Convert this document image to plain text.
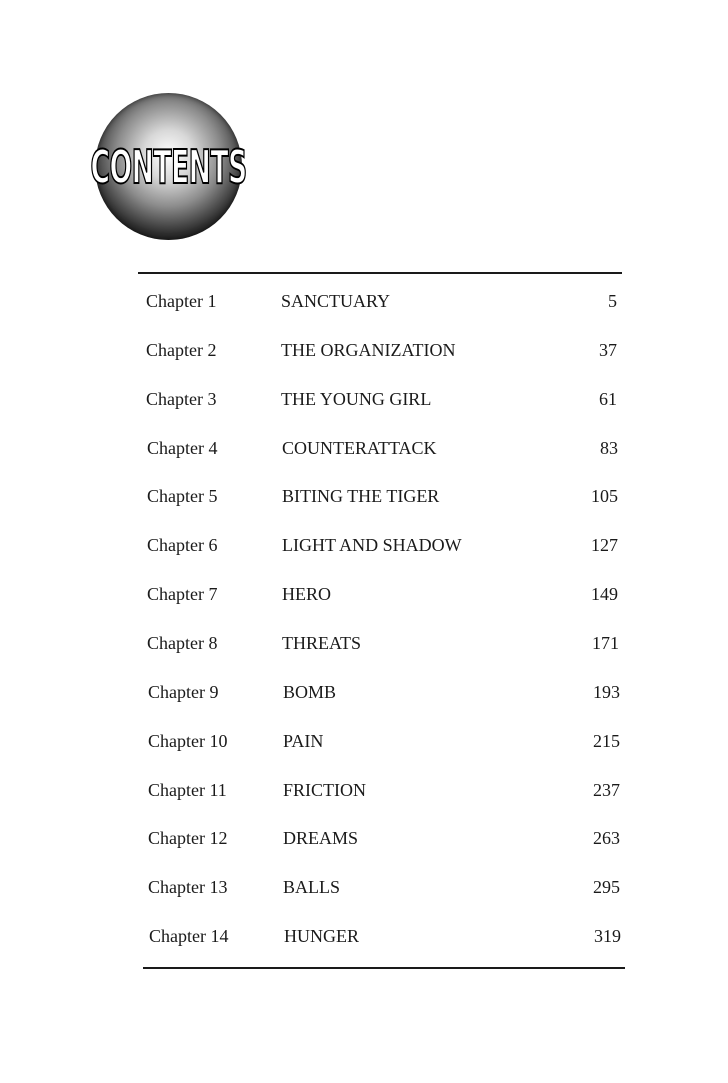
CONTENTS
Chapter 1	SANCTUARY	5
Chapter 2	THE ORGANIZATION	37
Chapter 3	THE YOUNG GIRL	61
Chapter 4	COUNTERATTACK	83
Chapter 5	BITING THE TIGER	105
Chapter 6	LIGHT AND SHADOW	127
Chapter 7	HERO	149
Chapter 8	THREATS	171
Chapter 9	BOMB	193
Chapter 10	PAIN	215
Chapter 11	FRICTION	237
Chapter 12	DREAMS	263
Chapter 13	BALLS	295
Chapter 14	HUNGER	319
